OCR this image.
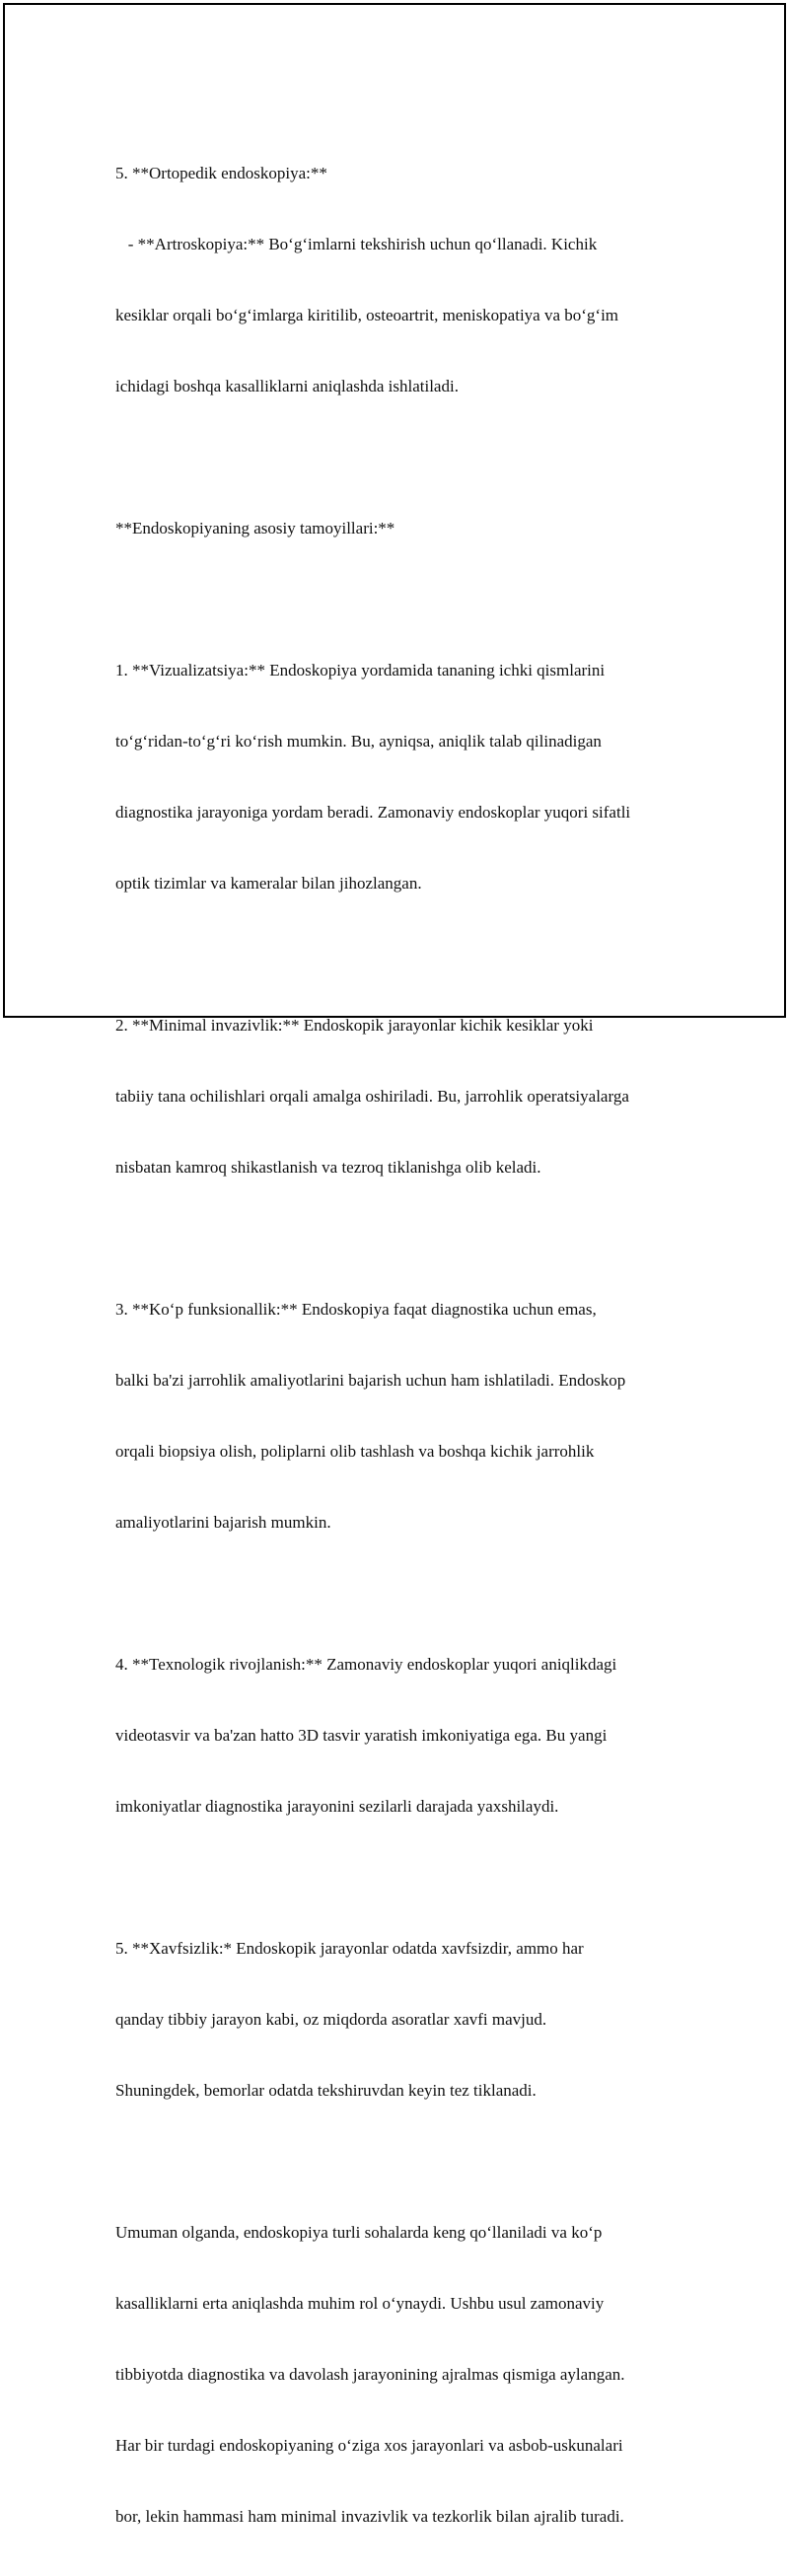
5. **Ortopedik endoskopiya:**

- **Artroskopiya:** Bo‘g‘imlarni tekshirish uchun qo‘llanadi. Kichik

kesiklar orqali bo‘g‘imlarga kiritilib, osteoartrit, meniskopatiya va bo‘g‘im

ichidagi boshqa kasalliklarni aniqlashda ishlatiladi.

**Endoskopiyaning asosiy tamoyillari:**

1. **Vizualizatsiya:** Endoskopiya yordamida tananing ichki qismlarini

to‘g‘ridan-to‘g‘ri ko‘rish mumkin. Bu, ayniqsa, aniqlik talab qilinadigan

diagnostika jarayoniga yordam beradi. Zamonaviy endoskoplar yuqori sifatli

optik tizimlar va kameralar bilan jihozlangan.

2. **Minimal invazivlik:** Endoskopik jarayonlar kichik kesiklar yoki

tabiiy tana ochilishlari orqali amalga oshiriladi. Bu, jarrohlik operatsiyalarga

nisbatan kamroq shikastlanish va tezroq tiklanishga olib keladi.

3. **Ko‘p funksionallik:** Endoskopiya faqat diagnostika uchun emas,

balki ba'zi jarrohlik amaliyotlarini bajarish uchun ham ishlatiladi. Endoskop

orqali biopsiya olish, poliplarni olib tashlash va boshqa kichik jarrohlik

amaliyotlarini bajarish mumkin.

4. **Texnologik rivojlanish:** Zamonaviy endoskoplar yuqori aniqlikdagi

videotasvir va ba'zan hatto 3D tasvir yaratish imkoniyatiga ega. Bu yangi

imkoniyatlar diagnostika jarayonini sezilarli darajada yaxshilaydi.

5. **Xavfsizlik:* Endoskopik jarayonlar odatda xavfsizdir, ammo har

qanday tibbiy jarayon kabi, oz miqdorda asoratlar xavfi mavjud.

Shuningdek, bemorlar odatda tekshiruvdan keyin tez tiklanadi.

Umuman olganda, endoskopiya turli sohalarda keng qo‘llaniladi va ko‘p

kasalliklarni erta aniqlashda muhim rol o‘ynaydi. Ushbu usul zamonaviy

tibbiyotda diagnostika va davolash jarayonining ajralmas qismiga aylangan.

Har bir turdagi endoskopiyaning o‘ziga xos jarayonlari va asbob-uskunalari

bor, lekin hammasi ham minimal invazivlik va tezkorlik bilan ajralib turadi.
